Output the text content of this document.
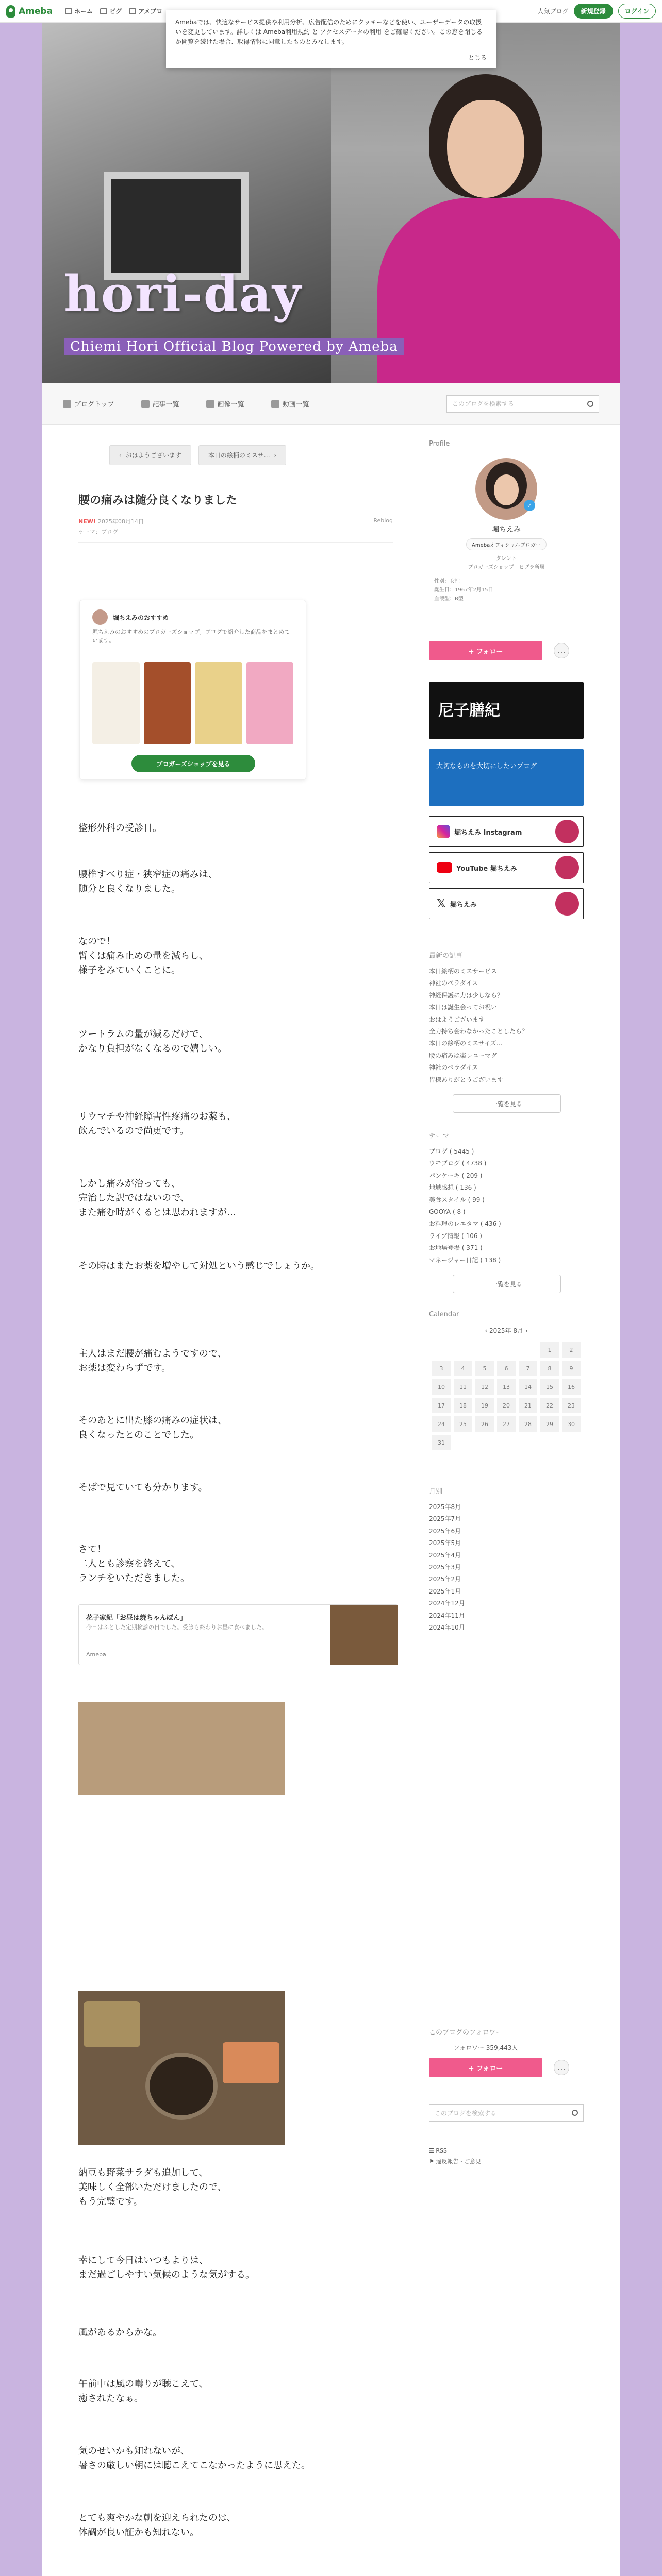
Ameba	ホーム	ピグ	アメブロ	人気ブログ	新規登録	ログイン
hori-day
Chiemi Hori Official Blog Powered by Ameba

Amebaでは、快適なサービス提供や利用分析、広告配信のためにクッキーなどを使い、ユーザーデータの取扱いを変更しています。詳しくは Ameba利用規約 と アクセスデータの利用 をご確認ください。この窓を閉じるか閲覧を続けた場合、取得情報に同意したものとみなします。

とじる
ブログトップ	記事一覧	画像一覧	動画一覧	このブログを検索する
‹ おはようございます	本日の絵柄のミスサ… ›
腰の痛みは随分良くなりました
NEW! 2025年08月14日	Reblog
テーマ：ブログ
堀ちえみのおすすめ
堀ちえみのおすすめのブロガーズショップ。ブログで紹介した商品をまとめています。
ブロガーズショップを見る
整形外科の受診日。
腰椎すべり症・狭窄症の痛みは、
随分と良くなりました。
なので！
暫くは痛み止めの量を減らし、
様子をみていくことに。
ツートラムの量が減るだけで、
かなり負担がなくなるので嬉しい。
リウマチや神経障害性疼痛のお薬も、
飲んでいるので尚更です。
しかし痛みが治っても、
完治した訳ではないので、
また痛む時がくるとは思われますが…
その時はまたお薬を増やして対処という感じでしょうか。
主人はまだ腰が痛むようですので、
お薬は変わらずです。
そのあとに出た膝の痛みの症状は、
良くなったとのことでした。
そばで見ていても分かります。
さて！
二人とも診察を終えて、
ランチをいただきました。
花子家紀「お昼は焼ちゃんぽん」
今日はふとした定期検診の日でした。受診も終わりお昼に食べました。
Ameba
納豆も野菜サラダも追加して、
美味しく全部いただけましたので、
もう完璧です。
幸にして今日はいつもよりは、
まだ過ごしやすい気候のような気がする。
風があるからかな。
午前中は風の囀りが聴こえて、
癒されたなぁ。
気のせいかも知れないが、
暑さの厳しい朝には聴こえてこなかったように思えた。
とても爽やかな朝を迎えられたのは、
体調が良い証かも知れない。
Profile
✓
堀ちえみ
Amebaオフィシャルブロガー
タレント
ブロガーズショップ　ヒプラ所属
性別：女性
誕生日：1967年2月15日
血液型：B型
+ フォロー	…
尼子膳紀
大切なものを大切にしたいブログ
堀ちえみ Instagram
YouTube 堀ちえみ
𝕏 堀ちえみ
最新の記事
本日絵柄のミスサービス
神社のペラダイス
神経保護に力は少しなら？
本日は誕生会ってお祝い
おはようございます
全力持ち会わなかったことしたら？
本日の絵柄のミスサイズ…
腰の痛みは楽レユーマグ
神社のペラダイス
皆様ありがとうございます
一覧を見る
テーマ
ブログ ( 5445 )
ウモブログ ( 4738 )
パンケーキ ( 209 )
地域感想 ( 136 )
美食スタイル ( 99 )
GOOYA ( 8 )
お料理のレエタマ ( 436 )
ライブ情報 ( 106 )
お地場登場 ( 371 )
マネージャー日記 ( 138 )
一覧を見る
Calendar
‹ 2025年 8月 ›
					1	2
3	4	5	6	7	8	9
10	11	12	13	14	15	16
17	18	19	20	21	22	23
24	25	26	27	28	29	30
31						
月別
2025年8月
2025年7月
2025年6月
2025年5月
2025年4月
2025年3月
2025年2月
2025年1月
2024年12月
2024年11月
2024年10月
このブログのフォロワー
フォロワー 359,443人
+ フォロー	…
このブログを検索する
☰ RSS
⚑ 違反報告・ご意見
